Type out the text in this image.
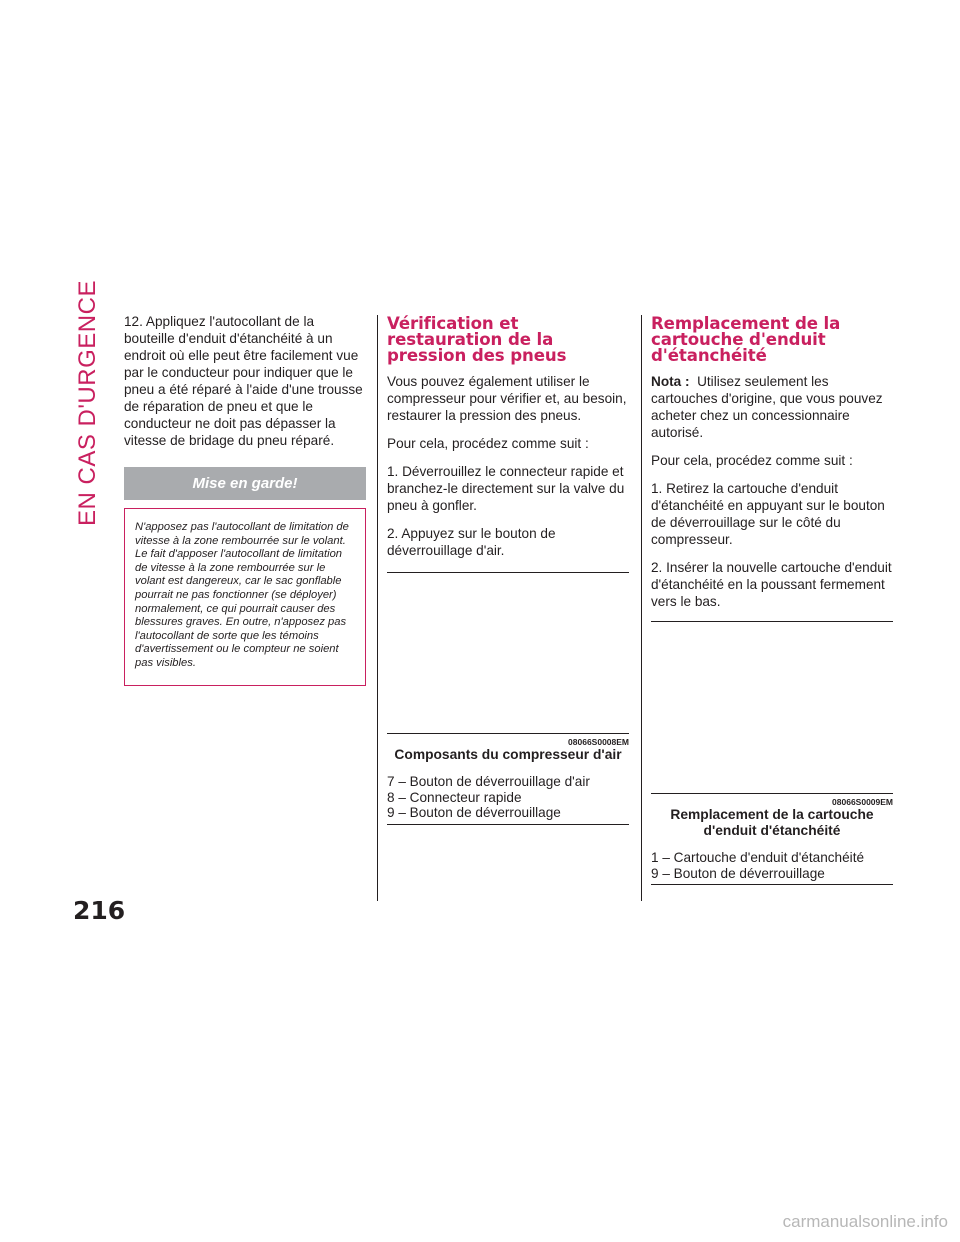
EN CAS D'URGENCE
216

12. Appliquez l'autocollant de la bouteille d'enduit d'étanchéité à un endroit où elle peut être facilement vue par le conducteur pour indiquer que le pneu a été réparé à l'aide d'une trousse de réparation de pneu et que le conducteur ne doit pas dépasser la vitesse de bridage du pneu réparé.

Mise en garde!
N'apposez pas l'autocollant de limitation de vitesse à la zone rembourrée sur le volant. Le fait d'apposer l'autocollant de limitation de vitesse à la zone rembourrée sur le volant est dangereux, car le sac gonflable pourrait ne pas fonctionner (se déployer) normalement, ce qui pourrait causer des blessures graves. En outre, n'apposez pas l'autocollant de sorte que les témoins d'avertissement ou le compteur ne soient pas visibles.
Vérification et restauration de la pression des pneus

Vous pouvez également utiliser le compresseur pour vérifier et, au besoin, restaurer la pression des pneus.

Pour cela, procédez comme suit :

1. Déverrouillez le connecteur rapide et branchez-le directement sur la valve du pneu à gonfler.

2. Appuyez sur le bouton de déverrouillage d'air.

08066S0008EM
Composants du compresseur d'air
7 – Bouton de déverrouillage d'air
8 – Connecteur rapide
9 – Bouton de déverrouillage
Remplacement de la cartouche d'enduit d'étanchéité

Nota : Utilisez seulement les cartouches d'origine, que vous pouvez acheter chez un concessionnaire autorisé.

Pour cela, procédez comme suit :

1. Retirez la cartouche d'enduit d'étanchéité en appuyant sur le bouton de déverrouillage sur le côté du compresseur.

2. Insérer la nouvelle cartouche d'enduit d'étanchéité en la poussant fermement vers le bas.

08066S0009EM
Remplacement de la cartouche d'enduit d'étanchéité
1 – Cartouche d'enduit d'étanchéité
9 – Bouton de déverrouillage
carmanualsonline.info
